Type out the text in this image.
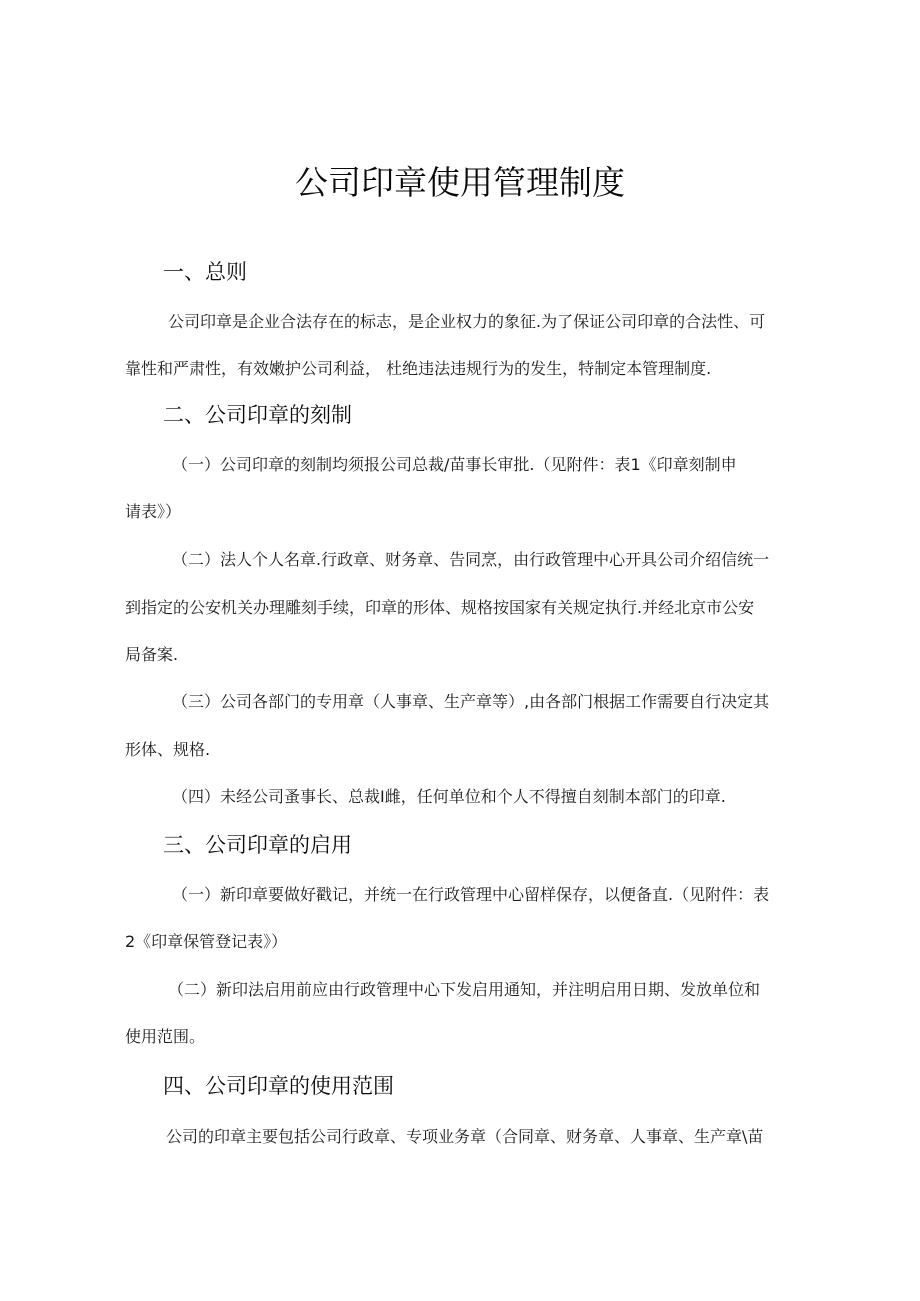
公司印章使用管理制度
一、总则

公司印章是企业合法存在的标志，是企业权力的象征.为了保证公司印章的合法性、可

靠性和严肃性，有效嫩护公司利益， 杜绝违法违规行为的发生，特制定本管理制度.

二、公司印章的刻制

（一）公司印章的刻制均须报公司总裁/苗事长审批.（见附件：表1《印章刻制申

请表》）

（二）法人个人名章.行政章、财务章、告同烹，由行政管理中心开具公司介绍信统一

到指定的公安机关办理雕刻手续，印章的形体、规格按国家有关规定执行.并经北京市公安

局备案.

（三）公司各部门的专用章（人事章、生产章等）,由各部门根据工作需要自行决定其

形体、规格.

（四）未经公司蚤事长、总裁I雌，任何单位和个人不得擅自刻制本部门的印章.

三、公司印章的启用

（一）新印章要做好戳记，并统一在行政管理中心留样保存，以便备直.（见附件：表

2《印章保管登记表》）

（二）新印法启用前应由行政管理中心下发启用通知，并注明启用日期、发放单位和

使用范围。

四、公司印章的使用范围

公司的印章主要包括公司行政章、专项业务章（合同章、财务章、人事章、生产章\苗
